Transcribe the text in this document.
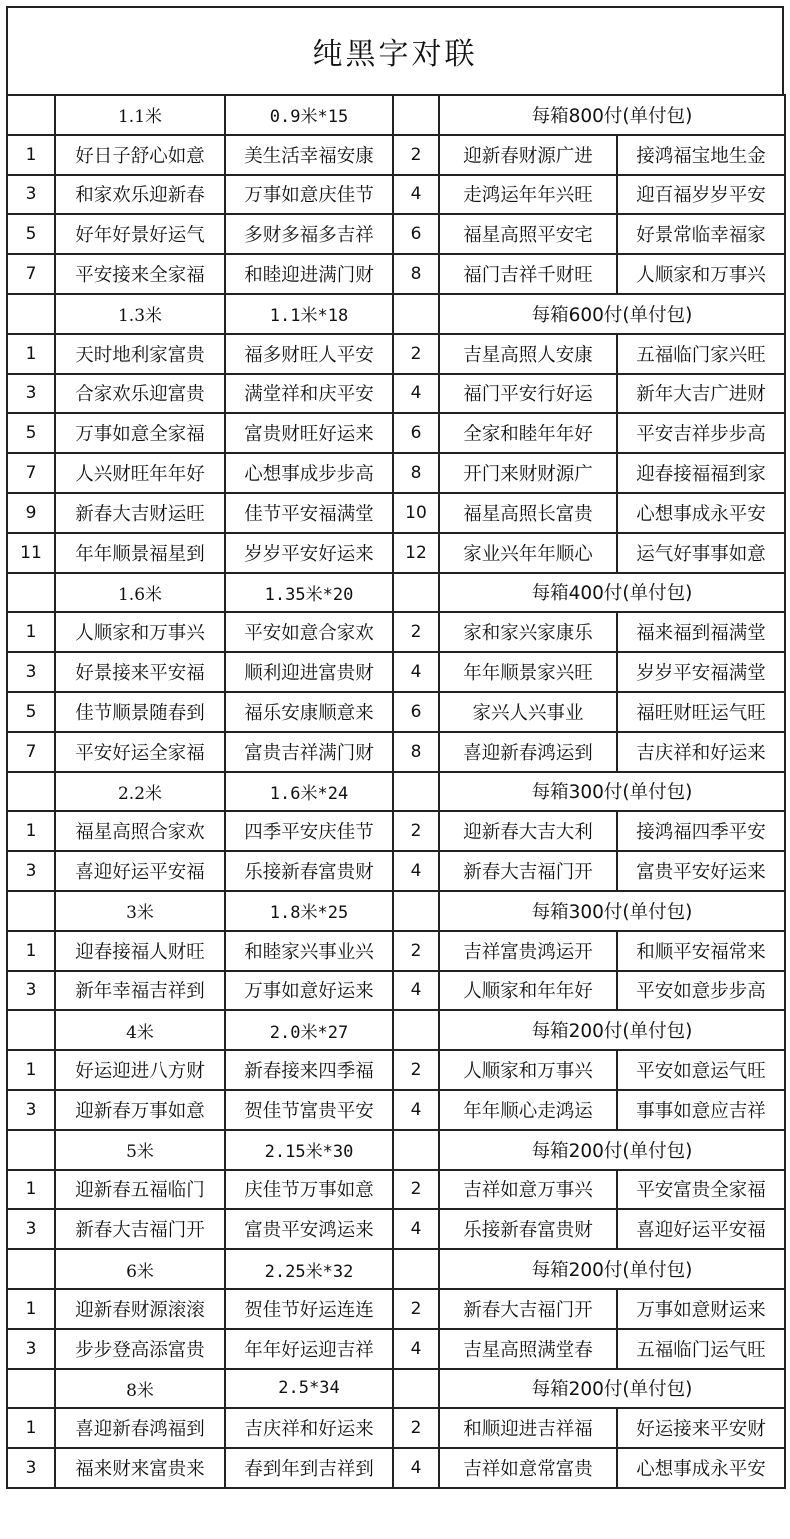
纯黑字对联
	1.1米	0.9米*15		每箱800付(单付包)	
1	好日子舒心如意	美生活幸福安康	2	迎新春财源广进	接鸿福宝地生金
3	和家欢乐迎新春	万事如意庆佳节	4	走鸿运年年兴旺	迎百福岁岁平安
5	好年好景好运气	多财多福多吉祥	6	福星高照平安宅	好景常临幸福家
7	平安接来全家福	和睦迎进满门财	8	福门吉祥千财旺	人顺家和万事兴
	1.3米	1.1米*18		每箱600付(单付包)	
1	天时地利家富贵	福多财旺人平安	2	吉星高照人安康	五福临门家兴旺
3	合家欢乐迎富贵	满堂祥和庆平安	4	福门平安行好运	新年大吉广进财
5	万事如意全家福	富贵财旺好运来	6	全家和睦年年好	平安吉祥步步高
7	人兴财旺年年好	心想事成步步高	8	开门来财财源广	迎春接福福到家
9	新春大吉财运旺	佳节平安福满堂	10	福星高照长富贵	心想事成永平安
11	年年顺景福星到	岁岁平安好运来	12	家业兴年年顺心	运气好事事如意
	1.6米	1.35米*20		每箱400付(单付包)	
1	人顺家和万事兴	平安如意合家欢	2	家和家兴家康乐	福来福到福满堂
3	好景接来平安福	顺利迎进富贵财	4	年年顺景家兴旺	岁岁平安福满堂
5	佳节顺景随春到	福乐安康顺意来	6	家兴人兴事业	福旺财旺运气旺
7	平安好运全家福	富贵吉祥满门财	8	喜迎新春鸿运到	吉庆祥和好运来
	2.2米	1.6米*24		每箱300付(单付包)	
1	福星高照合家欢	四季平安庆佳节	2	迎新春大吉大利	接鸿福四季平安
3	喜迎好运平安福	乐接新春富贵财	4	新春大吉福门开	富贵平安好运来
	3米	1.8米*25		每箱300付(单付包)	
1	迎春接福人财旺	和睦家兴事业兴	2	吉祥富贵鸿运开	和顺平安福常来
3	新年幸福吉祥到	万事如意好运来	4	人顺家和年年好	平安如意步步高
	4米	2.0米*27		每箱200付(单付包)	
1	好运迎进八方财	新春接来四季福	2	人顺家和万事兴	平安如意运气旺
3	迎新春万事如意	贺佳节富贵平安	4	年年顺心走鸿运	事事如意应吉祥
	5米	2.15米*30		每箱200付(单付包)	
1	迎新春五福临门	庆佳节万事如意	2	吉祥如意万事兴	平安富贵全家福
3	新春大吉福门开	富贵平安鸿运来	4	乐接新春富贵财	喜迎好运平安福
	6米	2.25米*32		每箱200付(单付包)	
1	迎新春财源滚滚	贺佳节好运连连	2	新春大吉福门开	万事如意财运来
3	步步登高添富贵	年年好运迎吉祥	4	吉星高照满堂春	五福临门运气旺
	8米	2.5*34		每箱200付(单付包)	
1	喜迎新春鸿福到	吉庆祥和好运来	2	和顺迎进吉祥福	好运接来平安财
3	福来财来富贵来	春到年到吉祥到	4	吉祥如意常富贵	心想事成永平安
